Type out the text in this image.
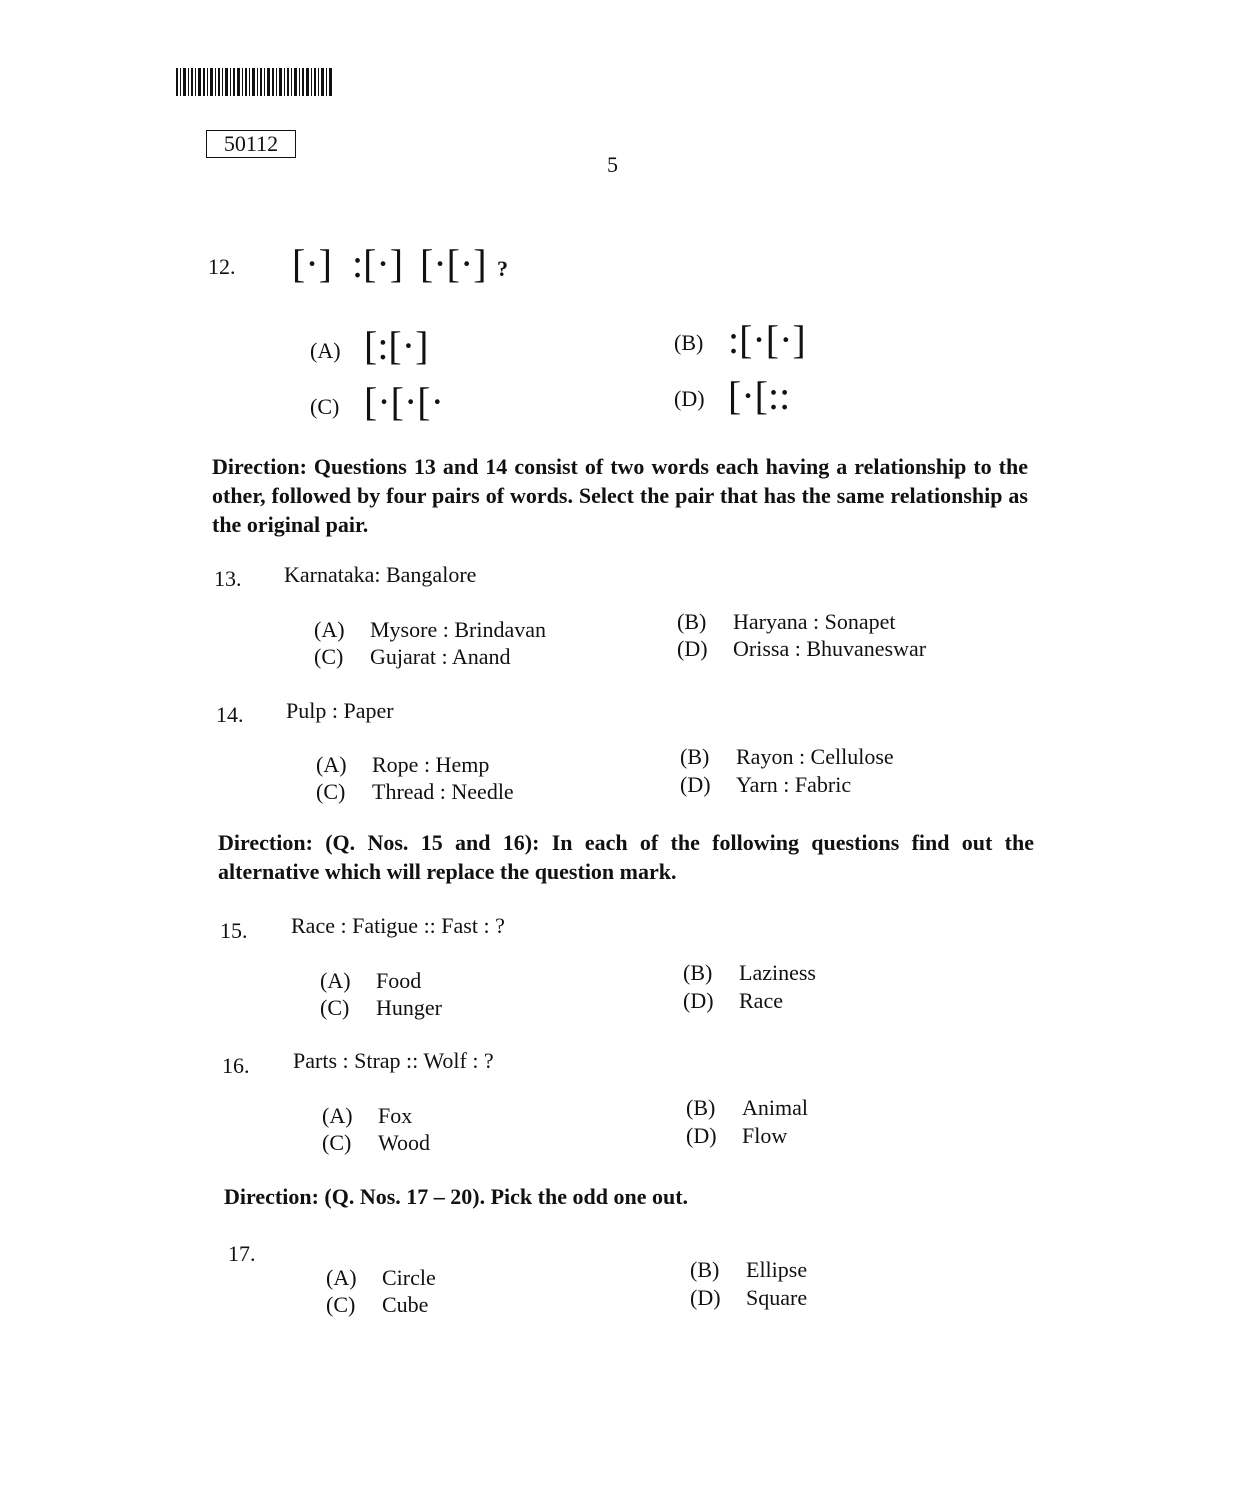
50112
5
12. [·] :[·] [·[·] ?
(A) [:[·]	(B) :[·[·]
(C) [·[·[·	(D) [·[::
Direction: Questions 13 and 14 consist of two words each having a relationship to the other, followed by four pairs of words. Select the pair that has the same relationship as the original pair.
13. Karnataka: Bangalore
(A) Mysore : Brindavan	(B) Haryana : Sonapet
(C) Gujarat : Anand	(D) Orissa : Bhuvaneswar
14. Pulp : Paper
(A) Rope : Hemp	(B) Rayon : Cellulose
(C) Thread : Needle	(D) Yarn : Fabric
Direction: (Q. Nos. 15 and 16): In each of the following questions find out the alternative which will replace the question mark.
15. Race : Fatigue :: Fast : ?
(A) Food	(B) Laziness
(C) Hunger	(D) Race
16. Parts : Strap :: Wolf : ?
(A) Fox	(B) Animal
(C) Wood	(D) Flow
Direction: (Q. Nos. 17 – 20). Pick the odd one out.
17.
(A) Circle	(B) Ellipse
(C) Cube	(D) Square
